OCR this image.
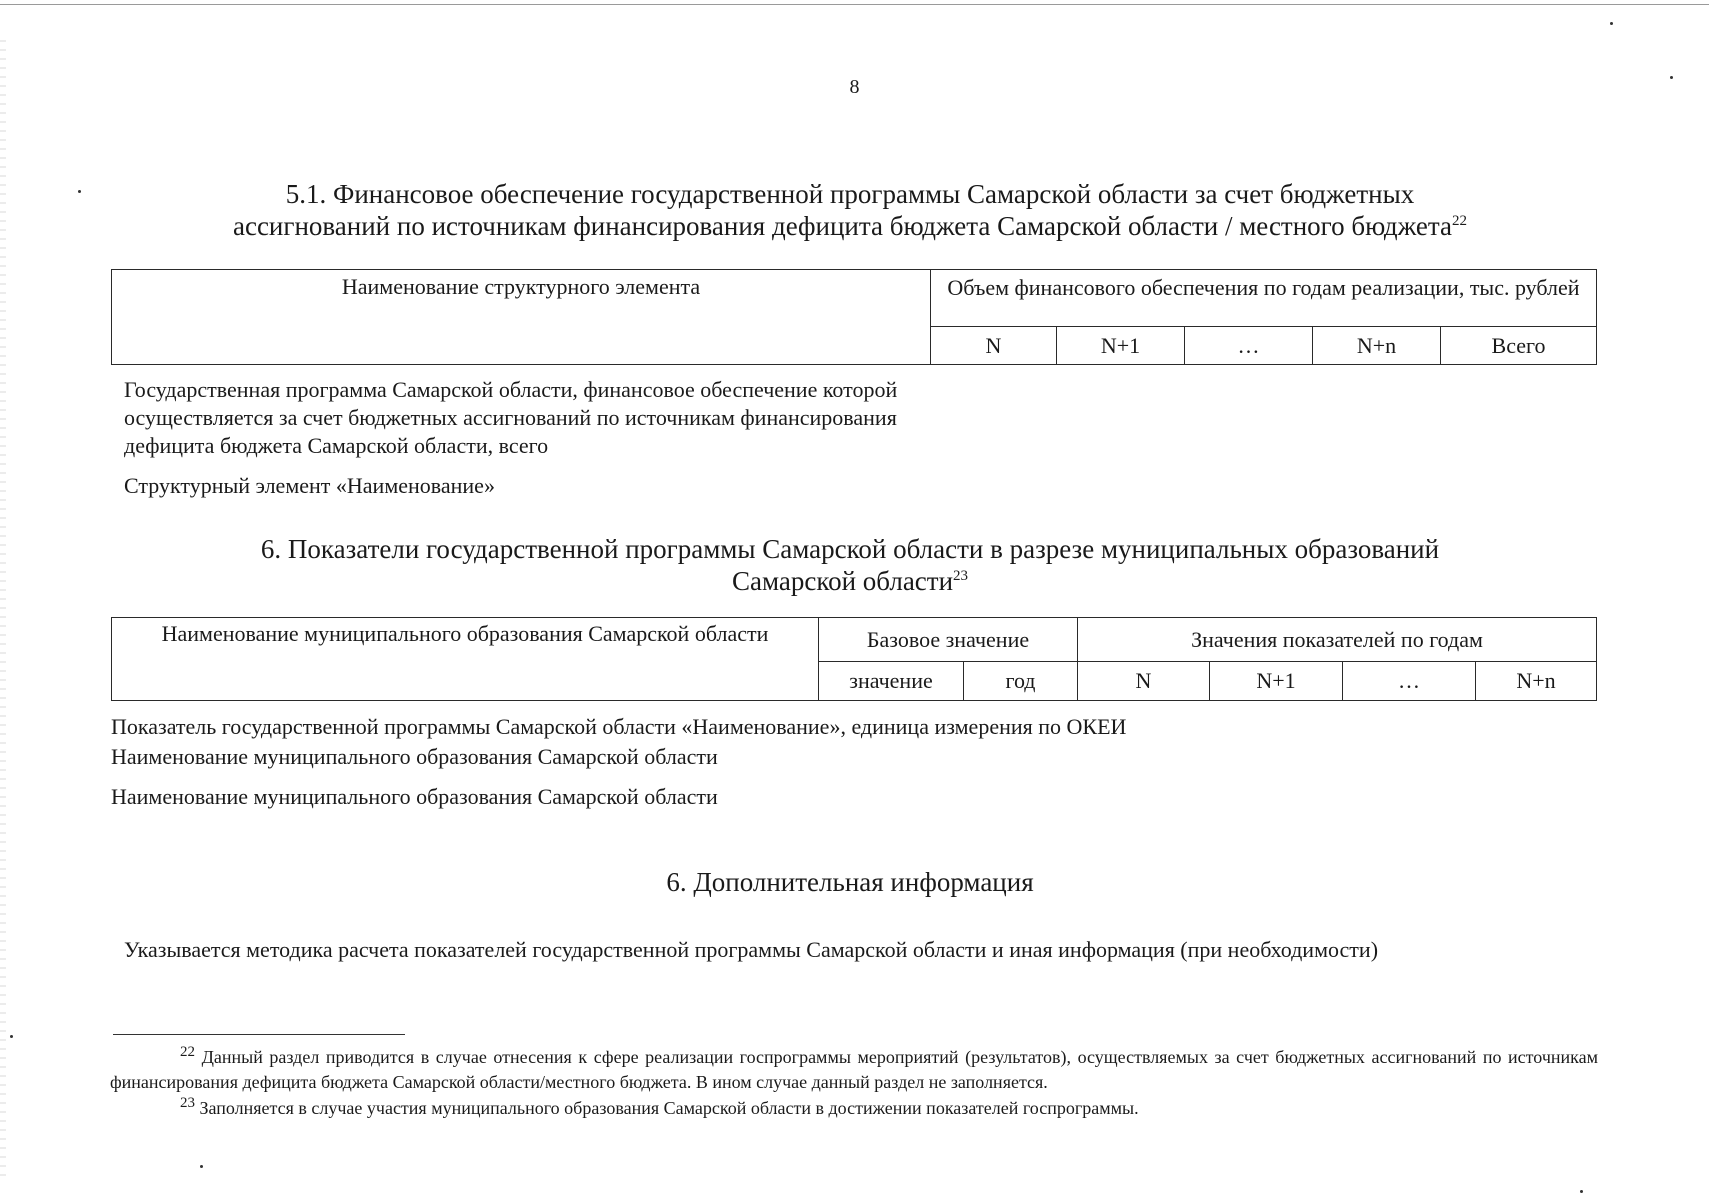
8
5.1. Финансовое обеспечение государственной программы Самарской области за счет бюджетных
ассигнований по источникам финансирования дефицита бюджета Самарской области / местного бюджета$^{22}$
Наименование структурного элемента	Объем финансового обеспечения по годам реализации, тыс. рублей				
	N	N+1	…	N+n	Всего
Государственная программа Самарской области, финансовое обеспечение которой осуществляется за счет бюджетных ассигнований по источникам финансирования дефицита бюджета Самарской области, всего
Структурный элемент «Наименование»
6. Показатели государственной программы Самарской области в разрезе муниципальных образований
Самарской области$^{23}$
Наименование муниципального образования Самарской области	Базовое значение		Значения показателей по годам			
	значение	год	N	N+1	…	N+n
Показатель государственной программы Самарской области «Наименование», единица измерения по ОКЕИ
Наименование муниципального образования Самарской области
Наименование муниципального образования Самарской области
6. Дополнительная информация
Указывается методика расчета показателей государственной программы Самарской области и иная информация (при необходимости)
$^{22}$ Данный раздел приводится в случае отнесения к сфере реализации госпрограммы мероприятий (результатов), осуществляемых за счет бюджетных ассигнований по источникам финансирования дефицита бюджета Самарской области/местного бюджета. В ином случае данный раздел не заполняется.
$^{23}$ Заполняется в случае участия муниципального образования Самарской области в достижении показателей госпрограммы.
